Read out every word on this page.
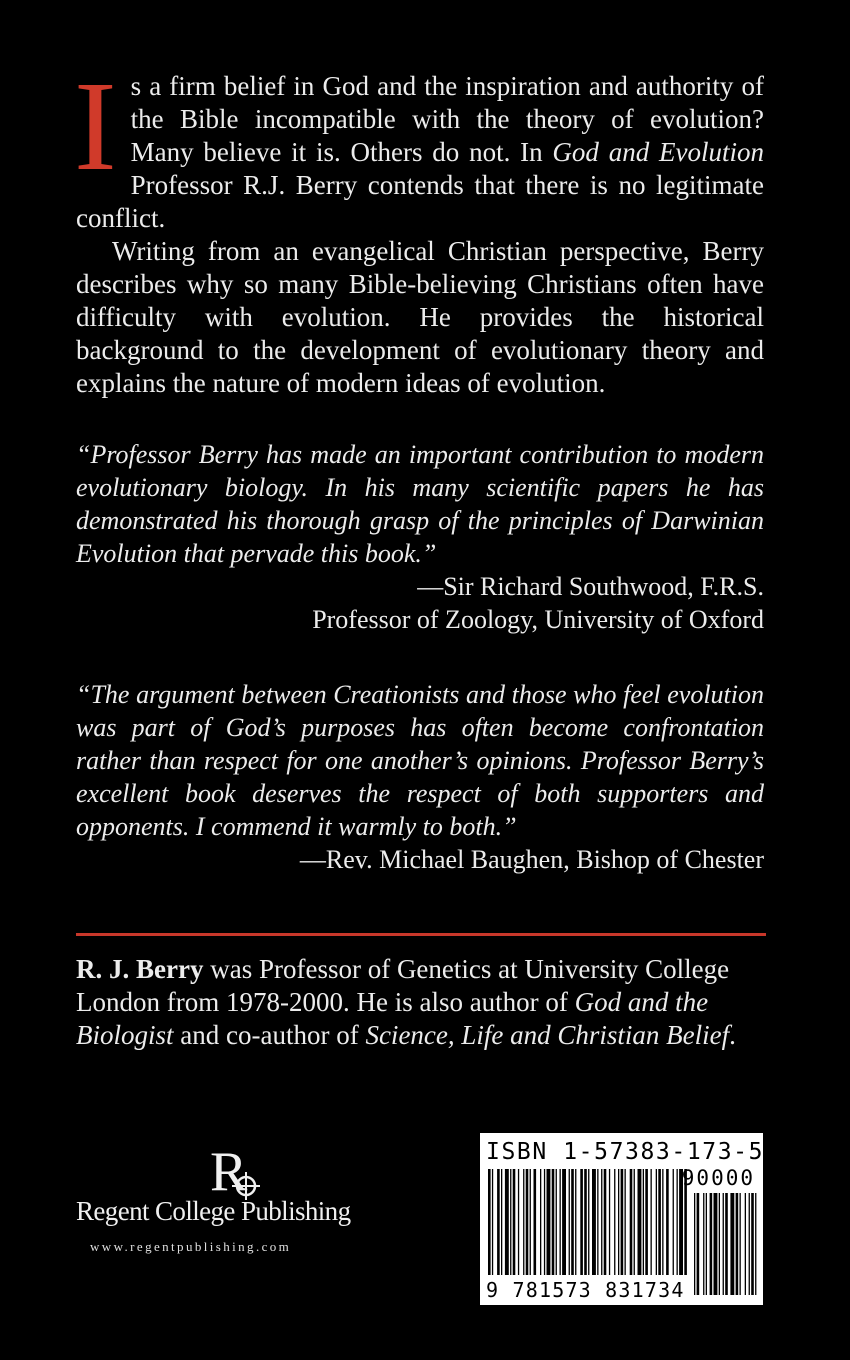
Is a firm belief in God and the inspiration and authority of the Bible incompatible with the theory of evolution? Many believe it is. Others do not. In God and Evolution Professor R.J. Berry contends that there is no legitimate conflict.

Writing from an evangelical Christian perspective, Berry describes why so many Bible-believing Christians often have difficulty with evolution. He provides the historical background to the development of evolutionary theory and explains the nature of modern ideas of evolution.

“Professor Berry has made an important contribution to modern evolutionary biology. In his many scientific papers he has demonstrated his thorough grasp of the principles of Darwinian Evolution that pervade this book.”

—Sir Richard Southwood, F.R.S.

Professor of Zoology, University of Oxford

“The argument between Creationists and those who feel evolution was part of God’s purposes has often become confrontation rather than respect for one another’s opinions. Professor Berry’s excellent book deserves the respect of both supporters and opponents. I commend it warmly to both.”

—Rev. Michael Baughen, Bishop of Chester

R. J. Berry was Professor of Genetics at University College London from 1978-2000. He is also author of God and the Biologist and co-author of Science, Life and Christian Belief.

R
Regent College Publishing
www.regentpublishing.com
ISBN 1-57383-173-5
90000
9 781573 831734
